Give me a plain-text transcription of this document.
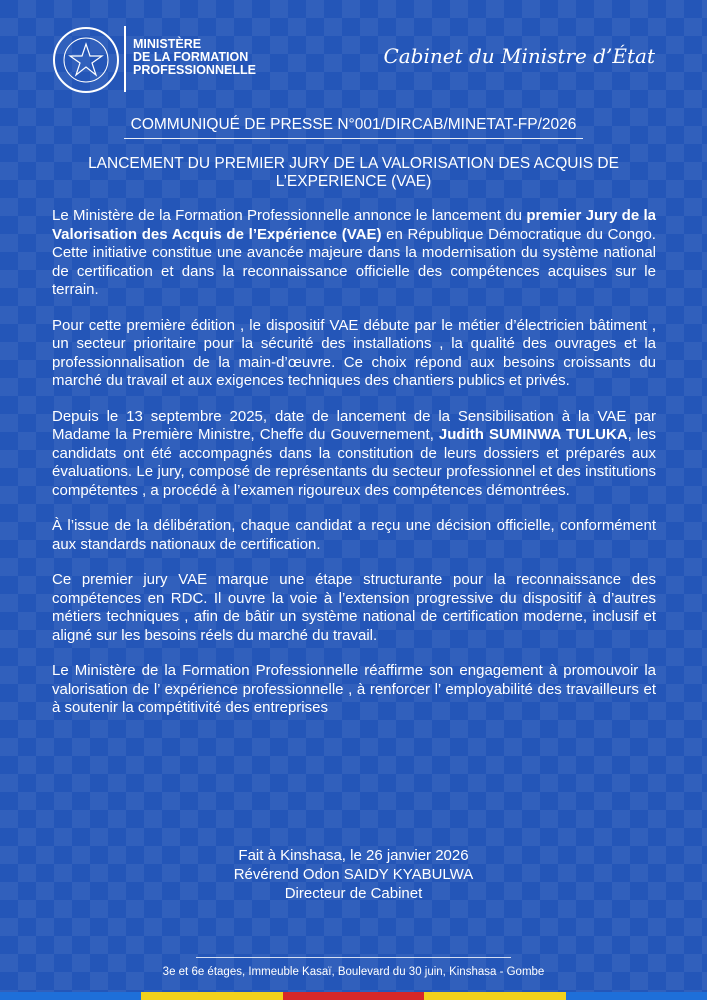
MINISTÈRE
DE LA FORMATION
PROFESSIONNELLE
Cabinet du Ministre d’État
COMMUNIQUÉ DE PRESSE N°001/DIRCAB/MINETAT-FP/2026
LANCEMENT DU PREMIER JURY DE LA VALORISATION DES ACQUIS DE L’EXPERIENCE (VAE)

Le Ministère de la Formation Professionnelle annonce le lancement du premier Jury de la Valorisation des Acquis de l’Expérience (VAE) en République Démocratique du Congo. Cette initiative constitue une avancée majeure dans la modernisation du système national de certification et dans la reconnaissance officielle des compétences acquises sur le terrain.

Pour cette première édition , le dispositif VAE débute par le métier d’électricien bâtiment , un secteur prioritaire pour la sécurité des installations , la qualité des ouvrages et la professionnalisation de la main-d’œuvre. Ce choix répond aux besoins croissants du marché du travail et aux exigences techniques des chantiers publics et privés.

Depuis le 13 septembre 2025, date de lancement de la Sensibilisation à la VAE par Madame la Première Ministre, Cheffe du Gouvernement, Judith SUMINWA TULUKA, les candidats ont été accompagnés dans la constitution de leurs dossiers et préparés aux évaluations. Le jury, composé de représentants du secteur professionnel et des institutions compétentes , a procédé à l’examen rigoureux des compétences démontrées.

À l’issue de la délibération, chaque candidat a reçu une décision officielle, conformément aux standards nationaux de certification.

Ce premier jury VAE marque une étape structurante pour la reconnaissance des compétences en RDC. Il ouvre la voie à l’extension progressive du dispositif à d’autres métiers techniques , afin de bâtir un système national de certification moderne, inclusif et aligné sur les besoins réels du marché du travail.

Le Ministère de la Formation Professionnelle réaffirme son engagement à promouvoir la valorisation de l’ expérience professionnelle , à renforcer l’ employabilité des travailleurs et à soutenir la compétitivité des entreprises

Fait à Kinshasa, le 26 janvier 2026
Révérend Odon SAIDY KYABULWA
Directeur de Cabinet
3e et 6e étages, Immeuble Kasaï, Boulevard du 30 juin, Kinshasa - Gombe
